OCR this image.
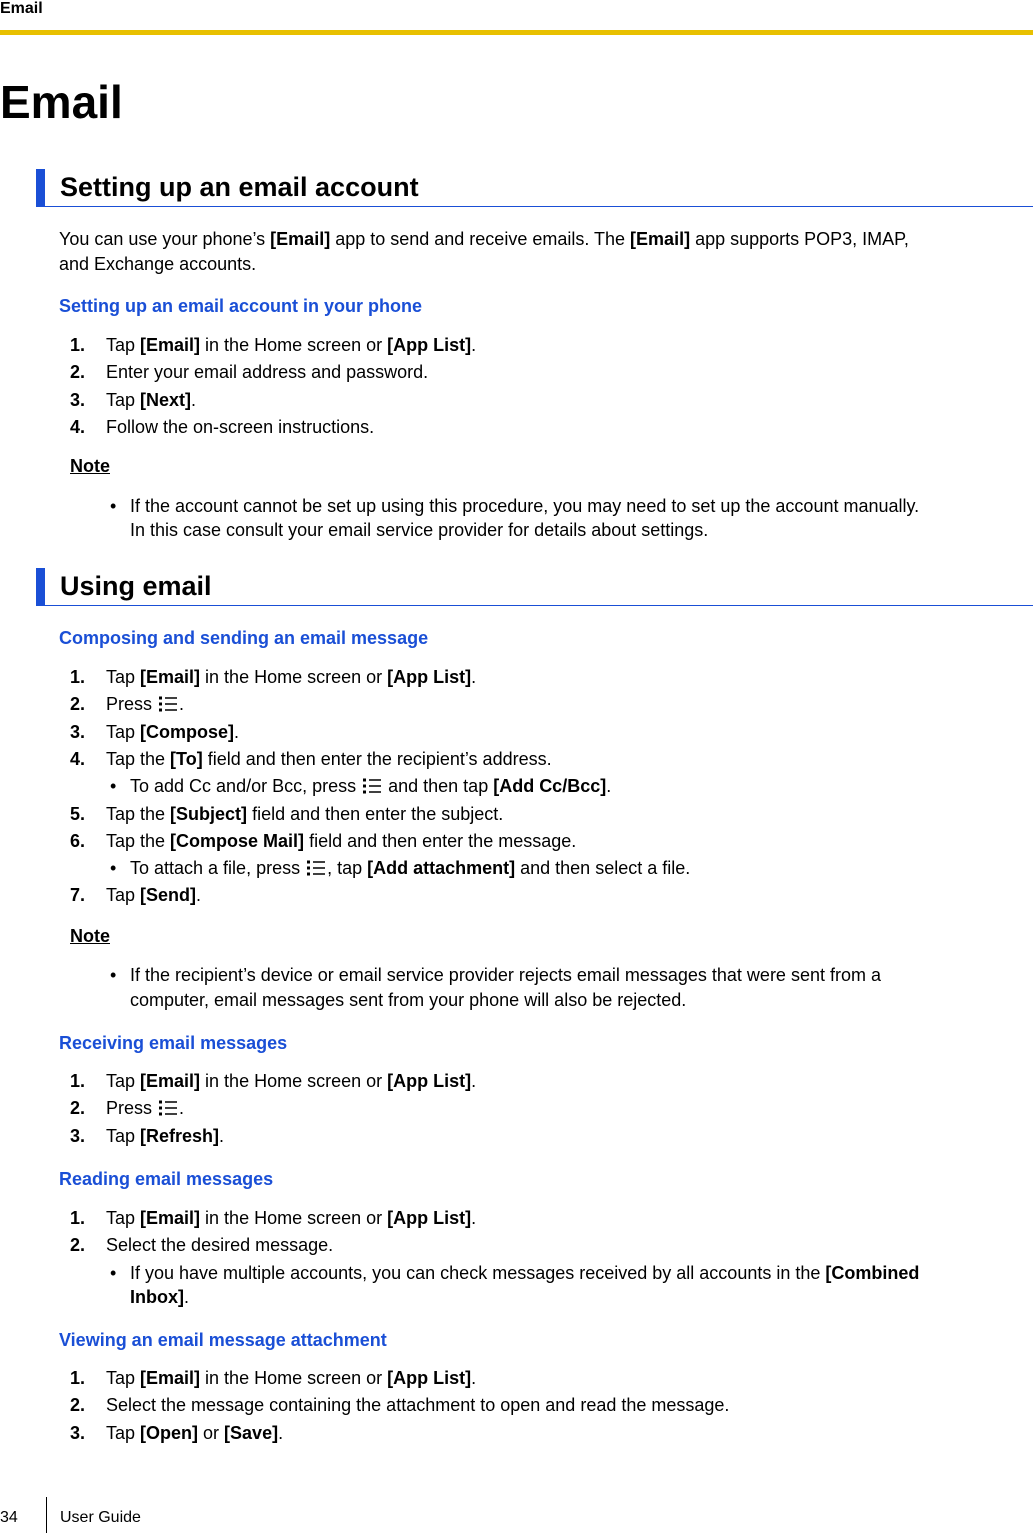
Email
Email
Setting up an email account
You can use your phone’s [Email] app to send and receive emails. The [Email] app supports POP3, IMAP,
and Exchange accounts.
Setting up an email account in your phone
1. Tap [Email] in the Home screen or [App List].
2. Enter your email address and password.
3. Tap [Next].
4. Follow the on-screen instructions.
Note
• If the account cannot be set up using this procedure, you may need to set up the account manually.
In this case consult your email service provider for details about settings.
Using email
Composing and sending an email message
1. Tap [Email] in the Home screen or [App List].
2. Press .
3. Tap [Compose].
4. Tap the [To] field and then enter the recipient’s address.
• To add Cc and/or Bcc, press  and then tap [Add Cc/Bcc].
5. Tap the [Subject] field and then enter the subject.
6. Tap the [Compose Mail] field and then enter the message.
• To attach a file, press , tap [Add attachment] and then select a file.
7. Tap [Send].
Note
• If the recipient’s device or email service provider rejects email messages that were sent from a
computer, email messages sent from your phone will also be rejected.
Receiving email messages
1. Tap [Email] in the Home screen or [App List].
2. Press .
3. Tap [Refresh].
Reading email messages
1. Tap [Email] in the Home screen or [App List].
2. Select the desired message.
• If you have multiple accounts, you can check messages received by all accounts in the [Combined
Inbox].
Viewing an email message attachment
1. Tap [Email] in the Home screen or [App List].
2. Select the message containing the attachment to open and read the message.
3. Tap [Open] or [Save].
34	User Guide
